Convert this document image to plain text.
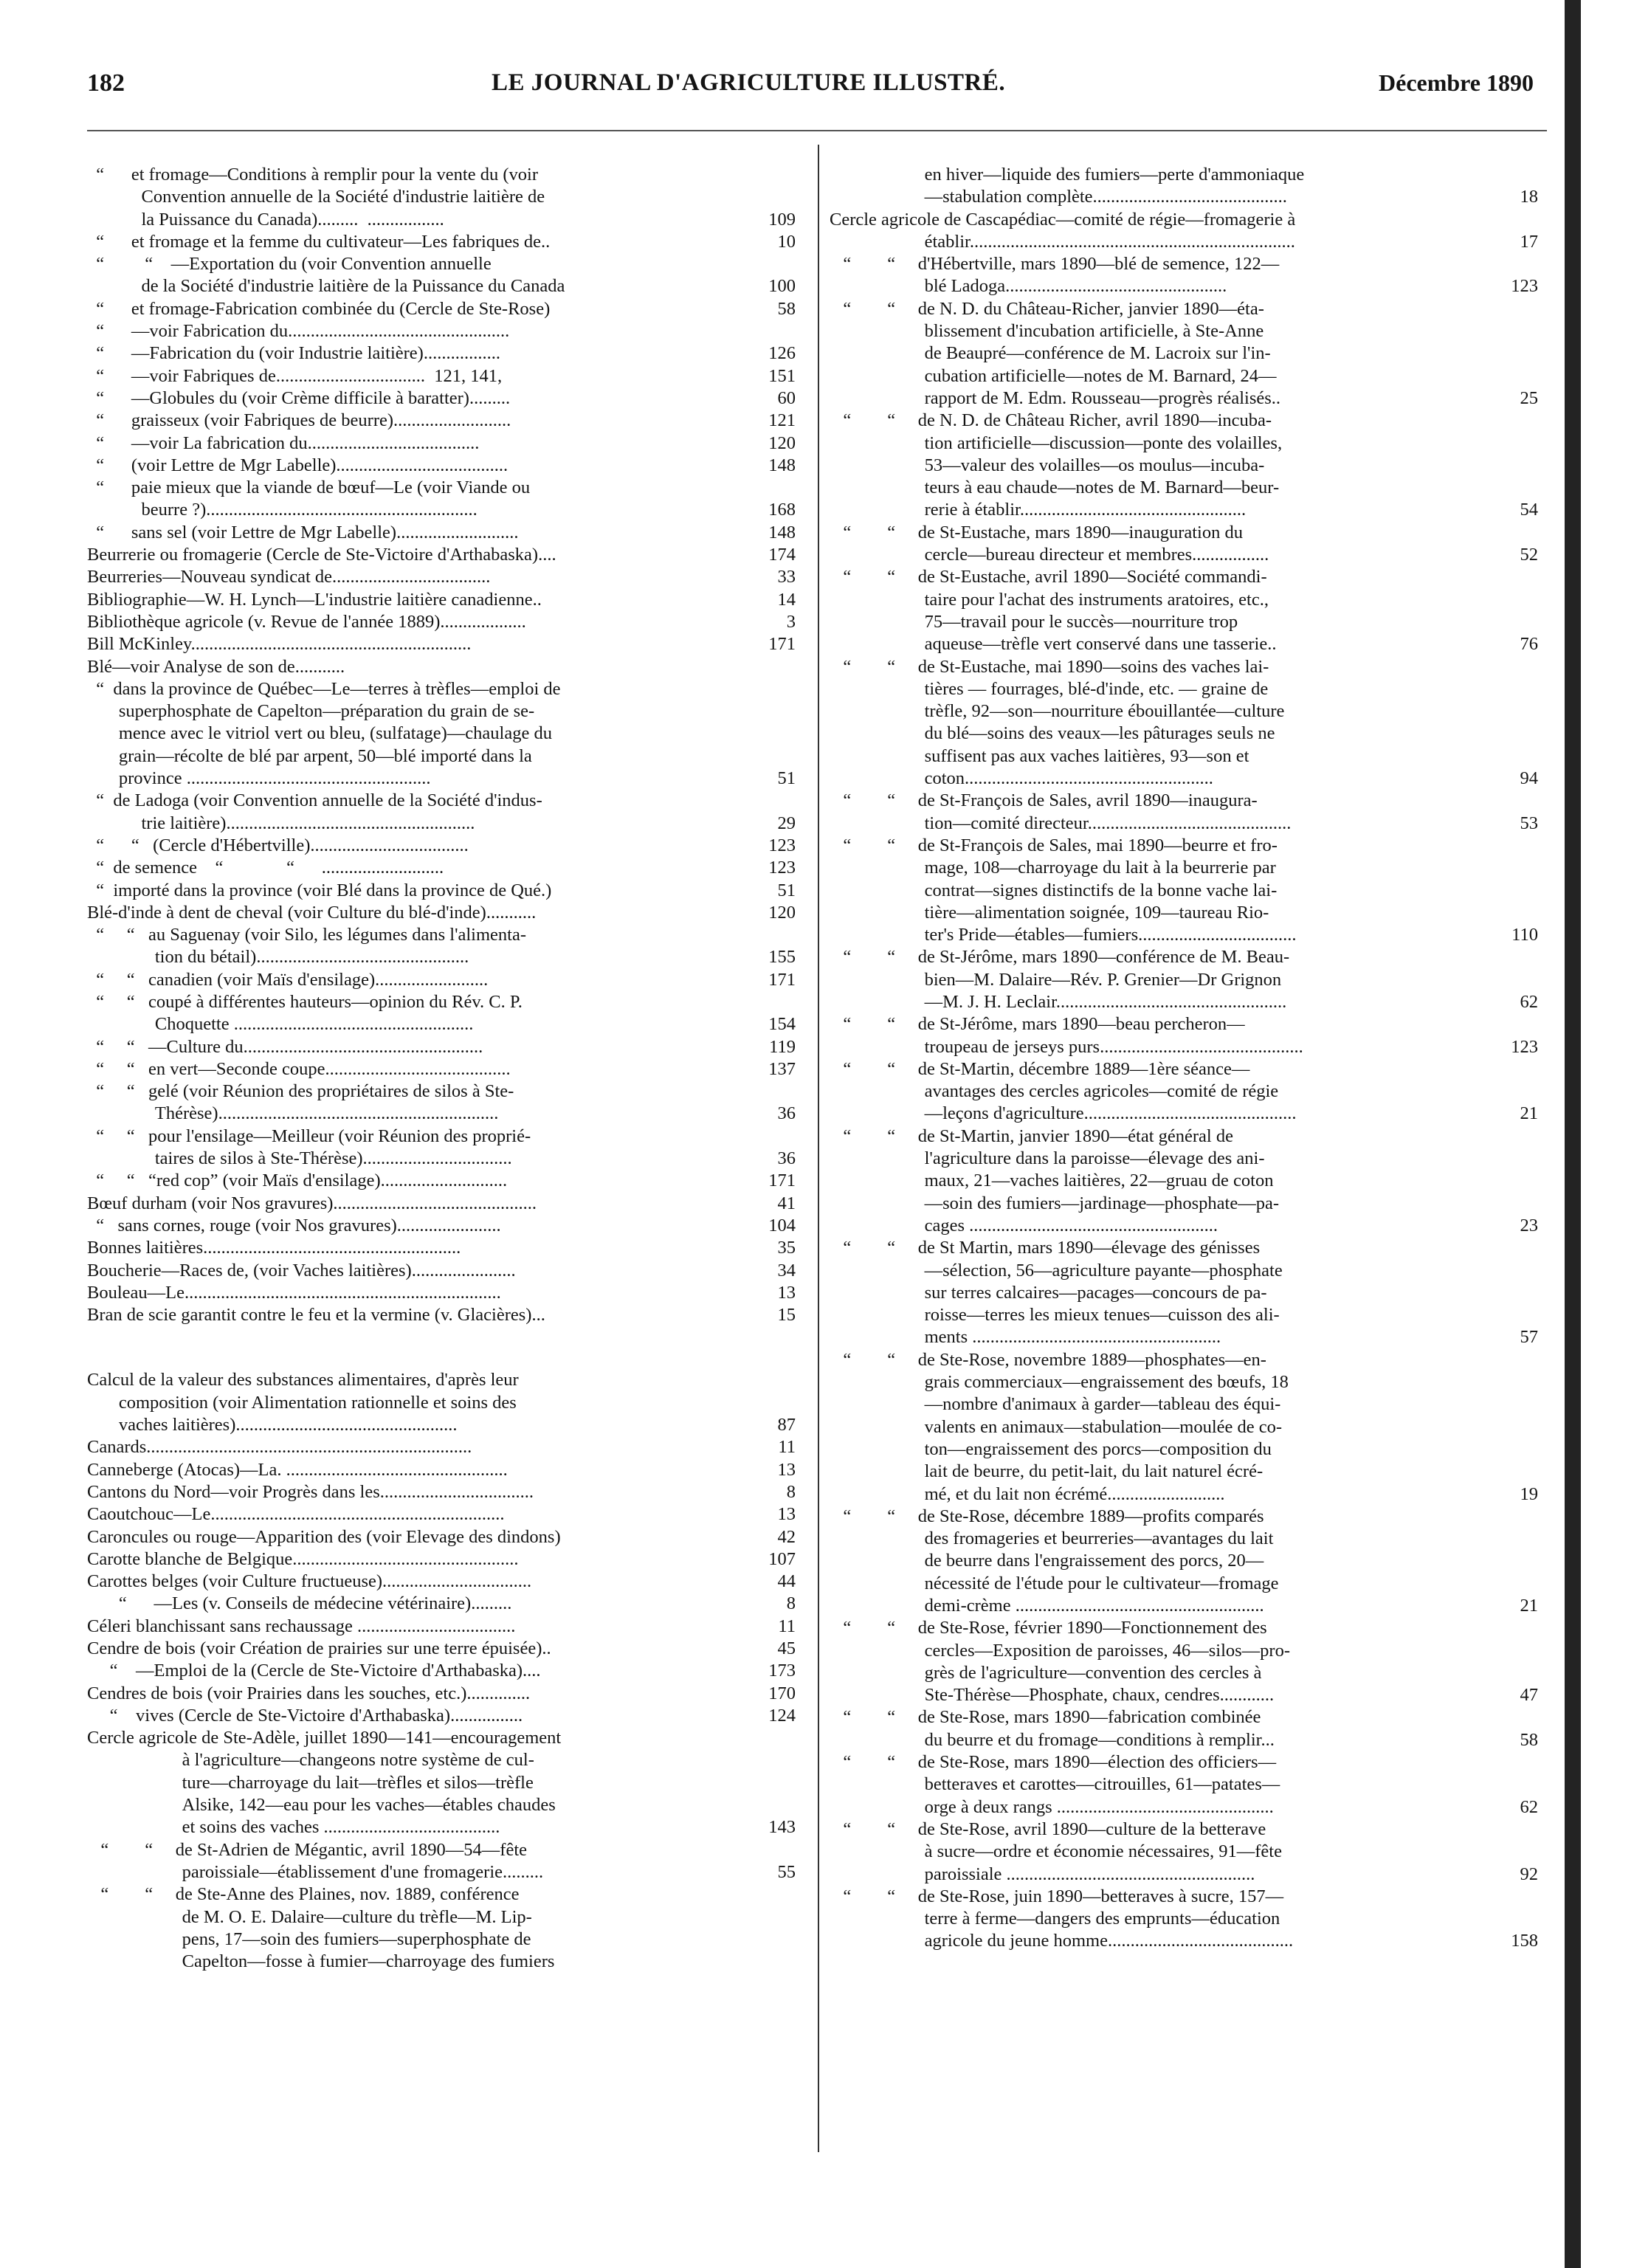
182	LE JOURNAL D'AGRICULTURE ILLUSTRÉ.	Décembre 1890
“      et fromage—Conditions à remplir pour la vente du (voir
Convention annuelle de la Société d'industrie laitière de
la Puissance du Canada).........  .................	109
“      et fromage et la femme du cultivateur—Les fabriques de..	10
“         “    —Exportation du (voir Convention annuelle
de la Société d'industrie laitière de la Puissance du Canada	100
“      et fromage-Fabrication combinée du (Cercle de Ste-Rose)	58
“      —voir Fabrication du.................................................
“      —Fabrication du (voir Industrie laitière).................	126
“      —voir Fabriques de.................................  121, 141,	151
“      —Globules du (voir Crème difficile à baratter).........	60
“      graisseux (voir Fabriques de beurre)..........................	121
“      —voir La fabrication du......................................	120
“      (voir Lettre de Mgr Labelle)......................................	148
“      paie mieux que la viande de bœuf—Le (voir Viande ou
beurre ?)............................................................	168
“      sans sel (voir Lettre de Mgr Labelle)...........................	148
Beurrerie ou fromagerie (Cercle de Ste-Victoire d'Arthabaska)....	174
Beurreries—Nouveau syndicat de...................................	33
Bibliographie—W. H. Lynch—L'industrie laitière canadienne..	14
Bibliothèque agricole (v. Revue de l'année 1889)...................	3
Bill McKinley..............................................................	171
Blé—voir Analyse de son de...........
“  dans la province de Québec—Le—terres à trèfles—emploi de
superphosphate de Capelton—préparation du grain de se-
mence avec le vitriol vert ou bleu, (sulfatage)—chaulage du
grain—récolte de blé par arpent, 50—blé importé dans la
province ......................................................	51
“  de Ladoga (voir Convention annuelle de la Société d'indus-
trie laitière).......................................................	29
“      “   (Cercle d'Hébertville)...................................	123
“  de semence    “              “      ...........................	123
“  importé dans la province (voir Blé dans la province de Qué.)	51
Blé-d'inde à dent de cheval (voir Culture du blé-d'inde)...........	120
“     “   au Saguenay (voir Silo, les légumes dans l'alimenta-
tion du bétail)...............................................	155
“     “   canadien (voir Maïs d'ensilage).........................	171
“     “   coupé à différentes hauteurs—opinion du Rév. C. P.
Choquette .....................................................	154
“     “   —Culture du.....................................................	119
“     “   en vert—Seconde coupe.........................................	137
“     “   gelé (voir Réunion des propriétaires de silos à Ste-
Thérèse)..............................................................	36
“     “   pour l'ensilage—Meilleur (voir Réunion des proprié-
taires de silos à Ste-Thérèse).................................	36
“     “   “red cop” (voir Maïs d'ensilage)............................	171
Bœuf durham (voir Nos gravures).............................................	41
“   sans cornes, rouge (voir Nos gravures).......................	104
Bonnes laitières.........................................................	35
Boucherie—Races de, (voir Vaches laitières).......................	34
Bouleau—Le......................................................................	13
Bran de scie garantit contre le feu et la vermine (v. Glacières)...	15
Calcul de la valeur des substances alimentaires, d'après leur
composition (voir Alimentation rationnelle et soins des
vaches laitières).................................................	87
Canards........................................................................	11
Canneberge (Atocas)—La. .................................................	13
Cantons du Nord—voir Progrès dans les..................................	8
Caoutchouc—Le.................................................................	13
Caroncules ou rouge—Apparition des (voir Elevage des dindons)	42
Carotte blanche de Belgique..................................................	107
Carottes belges (voir Culture fructueuse).................................	44
“      —Les (v. Conseils de médecine vétérinaire).........	8
Céleri blanchissant sans rechaussage ...................................	11
Cendre de bois (voir Création de prairies sur une terre épuisée)..	45
“    —Emploi de la (Cercle de Ste-Victoire d'Arthabaska)....	173
Cendres de bois (voir Prairies dans les souches, etc.)..............	170
“    vives (Cercle de Ste-Victoire d'Arthabaska)................	124
Cercle agricole de Ste-Adèle, juillet 1890—141—encouragement
à l'agriculture—changeons notre système de cul-
ture—charroyage du lait—trèfles et silos—trèfle
Alsike, 142—eau pour les vaches—étables chaudes
et soins des vaches .......................................	143
“        “     de St-Adrien de Mégantic, avril 1890—54—fête
paroissiale—établissement d'une fromagerie.........	55
“        “     de Ste-Anne des Plaines, nov. 1889, conférence
de M. O. E. Dalaire—culture du trèfle—M. Lip-
pens, 17—soin des fumiers—superphosphate de
Capelton—fosse à fumier—charroyage des fumiers
en hiver—liquide des fumiers—perte d'ammoniaque
—stabulation complète...........................................	18
Cercle agricole de Cascapédiac—comité de régie—fromagerie à
établir........................................................................	17
“        “     d'Hébertville, mars 1890—blé de semence, 122—
blé Ladoga.................................................	123
“        “     de N. D. du Château-Richer, janvier 1890—éta-
blissement d'incubation artificielle, à Ste-Anne
de Beaupré—conférence de M. Lacroix sur l'in-
cubation artificielle—notes de M. Barnard, 24—
rapport de M. Edm. Rousseau—progrès réalisés..	25
“        “     de N. D. de Château Richer, avril 1890—incuba-
tion artificielle—discussion—ponte des volailles,
53—valeur des volailles—os moulus—incuba-
teurs à eau chaude—notes de M. Barnard—beur-
rerie à établir..................................................	54
“        “     de St-Eustache, mars 1890—inauguration du
cercle—bureau directeur et membres.................	52
“        “     de St-Eustache, avril 1890—Société commandi-
taire pour l'achat des instruments aratoires, etc.,
75—travail pour le succès—nourriture trop
aqueuse—trèfle vert conservé dans une tasserie..	76
“        “     de St-Eustache, mai 1890—soins des vaches lai-
tières — fourrages, blé-d'inde, etc. — graine de
trèfle, 92—son—nourriture ébouillantée—culture
du blé—soins des veaux—les pâturages seuls ne
suffisent pas aux vaches laitières, 93—son et
coton.......................................................	94
“        “     de St-François de Sales, avril 1890—inaugura-
tion—comité directeur.............................................	53
“        “     de St-François de Sales, mai 1890—beurre et fro-
mage, 108—charroyage du lait à la beurrerie par
contrat—signes distinctifs de la bonne vache lai-
tière—alimentation soignée, 109—taureau Rio-
ter's Pride—étables—fumiers...................................	110
“        “     de St-Jérôme, mars 1890—conférence de M. Beau-
bien—M. Dalaire—Rév. P. Grenier—Dr Grignon
—M. J. H. Leclair...................................................	62
“        “     de St-Jérôme, mars 1890—beau percheron—
troupeau de jerseys purs.............................................	123
“        “     de St-Martin, décembre 1889—1ère séance—
avantages des cercles agricoles—comité de régie
—leçons d'agriculture...............................................	21
“        “     de St-Martin, janvier 1890—état général de
l'agriculture dans la paroisse—élevage des ani-
maux, 21—vaches laitières, 22—gruau de coton
—soin des fumiers—jardinage—phosphate—pa-
cages .......................................................	23
“        “     de St Martin, mars 1890—élevage des génisses
—sélection, 56—agriculture payante—phosphate
sur terres calcaires—pacages—concours de pa-
roisse—terres les mieux tenues—cuisson des ali-
ments .......................................................	57
“        “     de Ste-Rose, novembre 1889—phosphates—en-
grais commerciaux—engraissement des bœufs, 18
—nombre d'animaux à garder—tableau des équi-
valents en animaux—stabulation—moulée de co-
ton—engraissement des porcs—composition du
lait de beurre, du petit-lait, du lait naturel écré-
mé, et du lait non écrémé..........................	19
“        “     de Ste-Rose, décembre 1889—profits comparés
des fromageries et beurreries—avantages du lait
de beurre dans l'engraissement des porcs, 20—
nécessité de l'étude pour le cultivateur—fromage
demi-crème .......................................................	21
“        “     de Ste-Rose, février 1890—Fonctionnement des
cercles—Exposition de paroisses, 46—silos—pro-
grès de l'agriculture—convention des cercles à
Ste-Thérèse—Phosphate, chaux, cendres............	47
“        “     de Ste-Rose, mars 1890—fabrication combinée
du beurre et du fromage—conditions à remplir...	58
“        “     de Ste-Rose, mars 1890—élection des officiers—
betteraves et carottes—citrouilles, 61—patates—
orge à deux rangs ................................................	62
“        “     de Ste-Rose, avril 1890—culture de la betterave
à sucre—ordre et économie nécessaires, 91—fête
paroissiale .......................................................	92
“        “     de Ste-Rose, juin 1890—betteraves à sucre, 157—
terre à ferme—dangers des emprunts—éducation
agricole du jeune homme.........................................	158
